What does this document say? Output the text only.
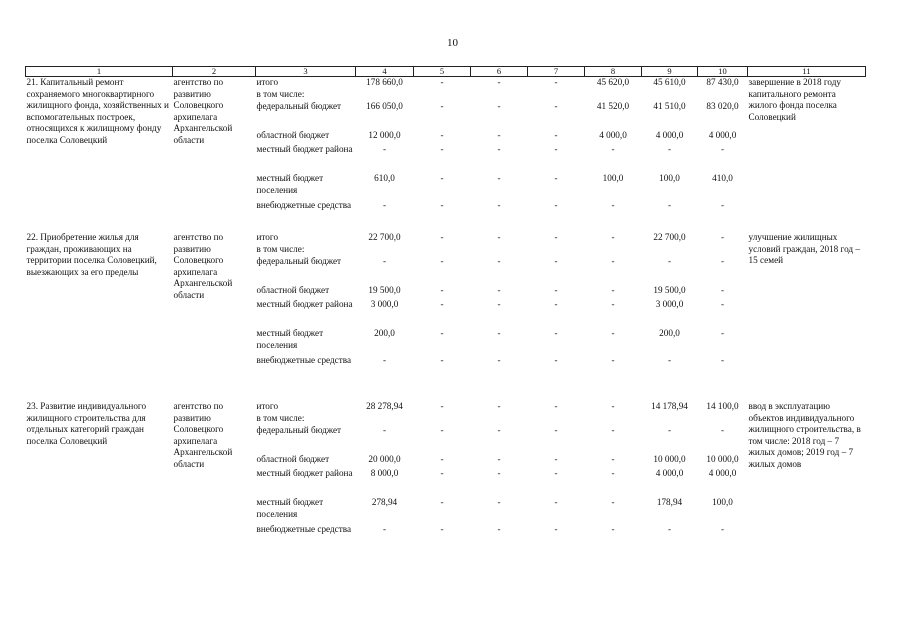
10
1	2	3	4	5	6	7	8	9	10	11
21. Капитальный ремонт сохраняемого многоквартирного жилищного фонда, хозяйственных и вспомогательных построек, относящихся к жилищному фонду поселка Соловецкий	агентство по развитию Соловецкого архипелага Архангельской области	итого	178 660,0	-	-	-	45 620,0	45 610,0	87 430,0	завершение в 2018 году капитального ремонта жилого фонда поселка Соловецкий
		в том числе:								
		федеральный бюджет	166 050,0	-	-	-	41 520,0	41 510,0	83 020,0	
		областной бюджет	12 000,0	-	-	-	4 000,0	4 000,0	4 000,0	
		местный бюджет района	-	-	-	-	-	-	-	
		местный бюджет поселения	610,0	-	-	-	100,0	100,0	410,0	
		внебюджетные средства	-	-	-	-	-	-	-	

22. Приобретение жилья для граждан, проживающих на территории поселка Соловецкий, выезжающих за его пределы	агентство по развитию Соловецкого архипелага Архангельской области	итого	22 700,0	-	-	-	-	22 700,0	-	улучшение жилищных условий граждан, 2018 год – 15 семей
		в том числе:								
		федеральный бюджет	-	-	-	-	-	-	-	
		областной бюджет	19 500,0	-	-	-	-	19 500,0	-	
		местный бюджет района	3 000,0	-	-	-	-	3 000,0	-	
		местный бюджет поселения	200,0	-	-	-	-	200,0	-	
		внебюджетные средства	-	-	-	-	-	-	-	

23. Развитие индивидуального жилищного строительства для отдельных категорий граждан поселка Соловецкий	агентство по развитию Соловецкого архипелага Архангельской области	итого	28 278,94	-	-	-	-	14 178,94	14 100,0	ввод в эксплуатацию объектов индивидуального жилищного строительства, в том числе: 2018 год – 7 жилых домов; 2019 год – 7 жилых домов
		в том числе:								
		федеральный бюджет	-	-	-	-	-	-	-	
		областной бюджет	20 000,0	-	-	-	-	10 000,0	10 000,0	
		местный бюджет района	8 000,0	-	-	-	-	4 000,0	4 000,0	
		местный бюджет поселения	278,94	-	-	-	-	178,94	100,0	
		внебюджетные средства	-	-	-	-	-	-	-	
